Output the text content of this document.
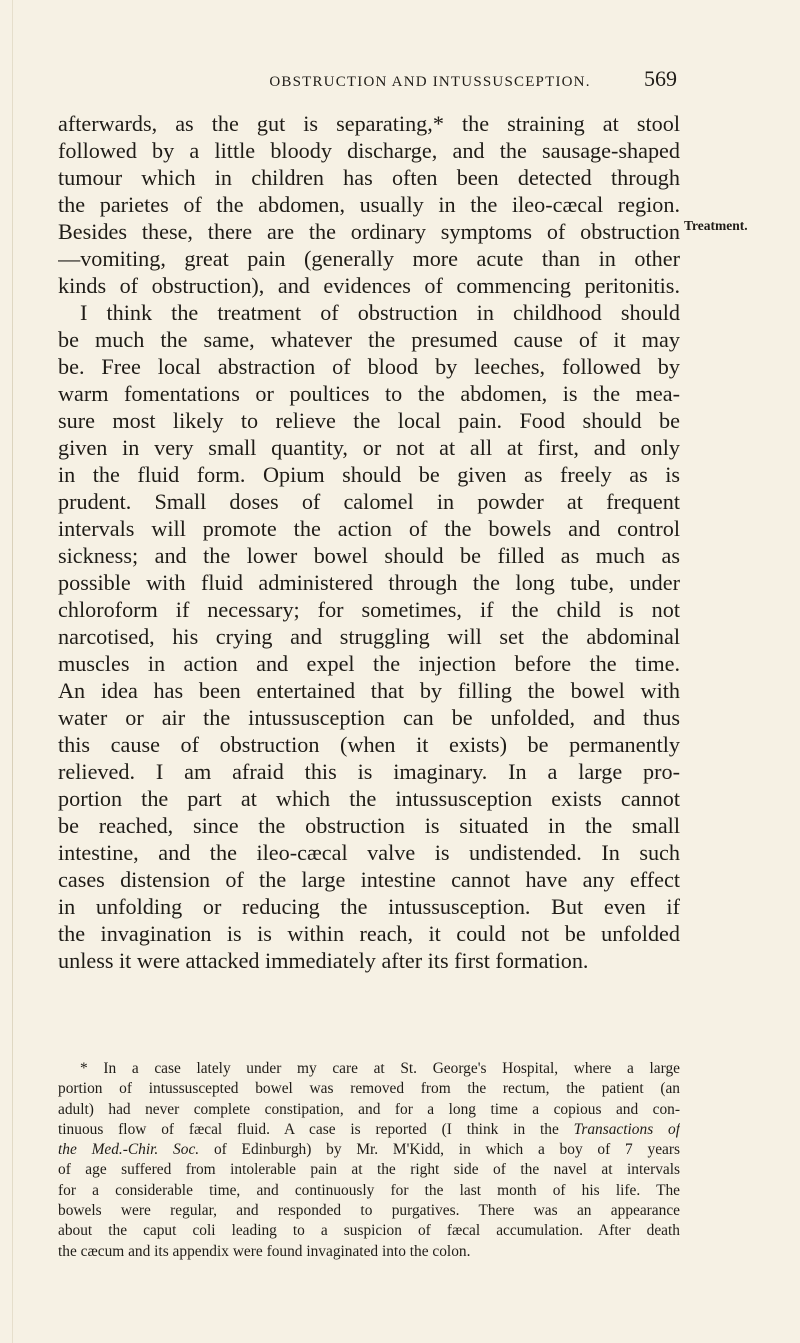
OBSTRUCTION AND INTUSSUSCEPTION.	569
Treatment.
afterwards, as the gut is separating,* the straining at stool
followed by a little bloody discharge, and the sausage-shaped
tumour which in children has often been detected through
the parietes of the abdomen, usually in the ileo-cæcal region.
Besides these, there are the ordinary symptoms of obstruction
—vomiting, great pain (generally more acute than in other
kinds of obstruction), and evidences of commencing peritonitis.
I think the treatment of obstruction in childhood should
be much the same, whatever the presumed cause of it may
be. Free local abstraction of blood by leeches, followed by
warm fomentations or poultices to the abdomen, is the mea-
sure most likely to relieve the local pain. Food should be
given in very small quantity, or not at all at first, and only
in the fluid form. Opium should be given as freely as is
prudent. Small doses of calomel in powder at frequent
intervals will promote the action of the bowels and control
sickness; and the lower bowel should be filled as much as
possible with fluid administered through the long tube, under
chloroform if necessary; for sometimes, if the child is not
narcotised, his crying and struggling will set the abdominal
muscles in action and expel the injection before the time.
An idea has been entertained that by filling the bowel with
water or air the intussusception can be unfolded, and thus
this cause of obstruction (when it exists) be permanently
relieved. I am afraid this is imaginary. In a large pro-
portion the part at which the intussusception exists cannot
be reached, since the obstruction is situated in the small
intestine, and the ileo-cæcal valve is undistended. In such
cases distension of the large intestine cannot have any effect
in unfolding or reducing the intussusception. But even if
the invagination is is within reach, it could not be unfolded
unless it were attacked immediately after its first formation.
* In a case lately under my care at St. George's Hospital, where a large
portion of intussuscepted bowel was removed from the rectum, the patient (an
adult) had never complete constipation, and for a long time a copious and con-
tinuous flow of fæcal fluid. A case is reported (I think in the Transactions of
the Med.-Chir. Soc. of Edinburgh) by Mr. M'Kidd, in which a boy of 7 years
of age suffered from intolerable pain at the right side of the navel at intervals
for a considerable time, and continuously for the last month of his life. The
bowels were regular, and responded to purgatives. There was an appearance
about the caput coli leading to a suspicion of fæcal accumulation. After death
the cæcum and its appendix were found invaginated into the colon.
